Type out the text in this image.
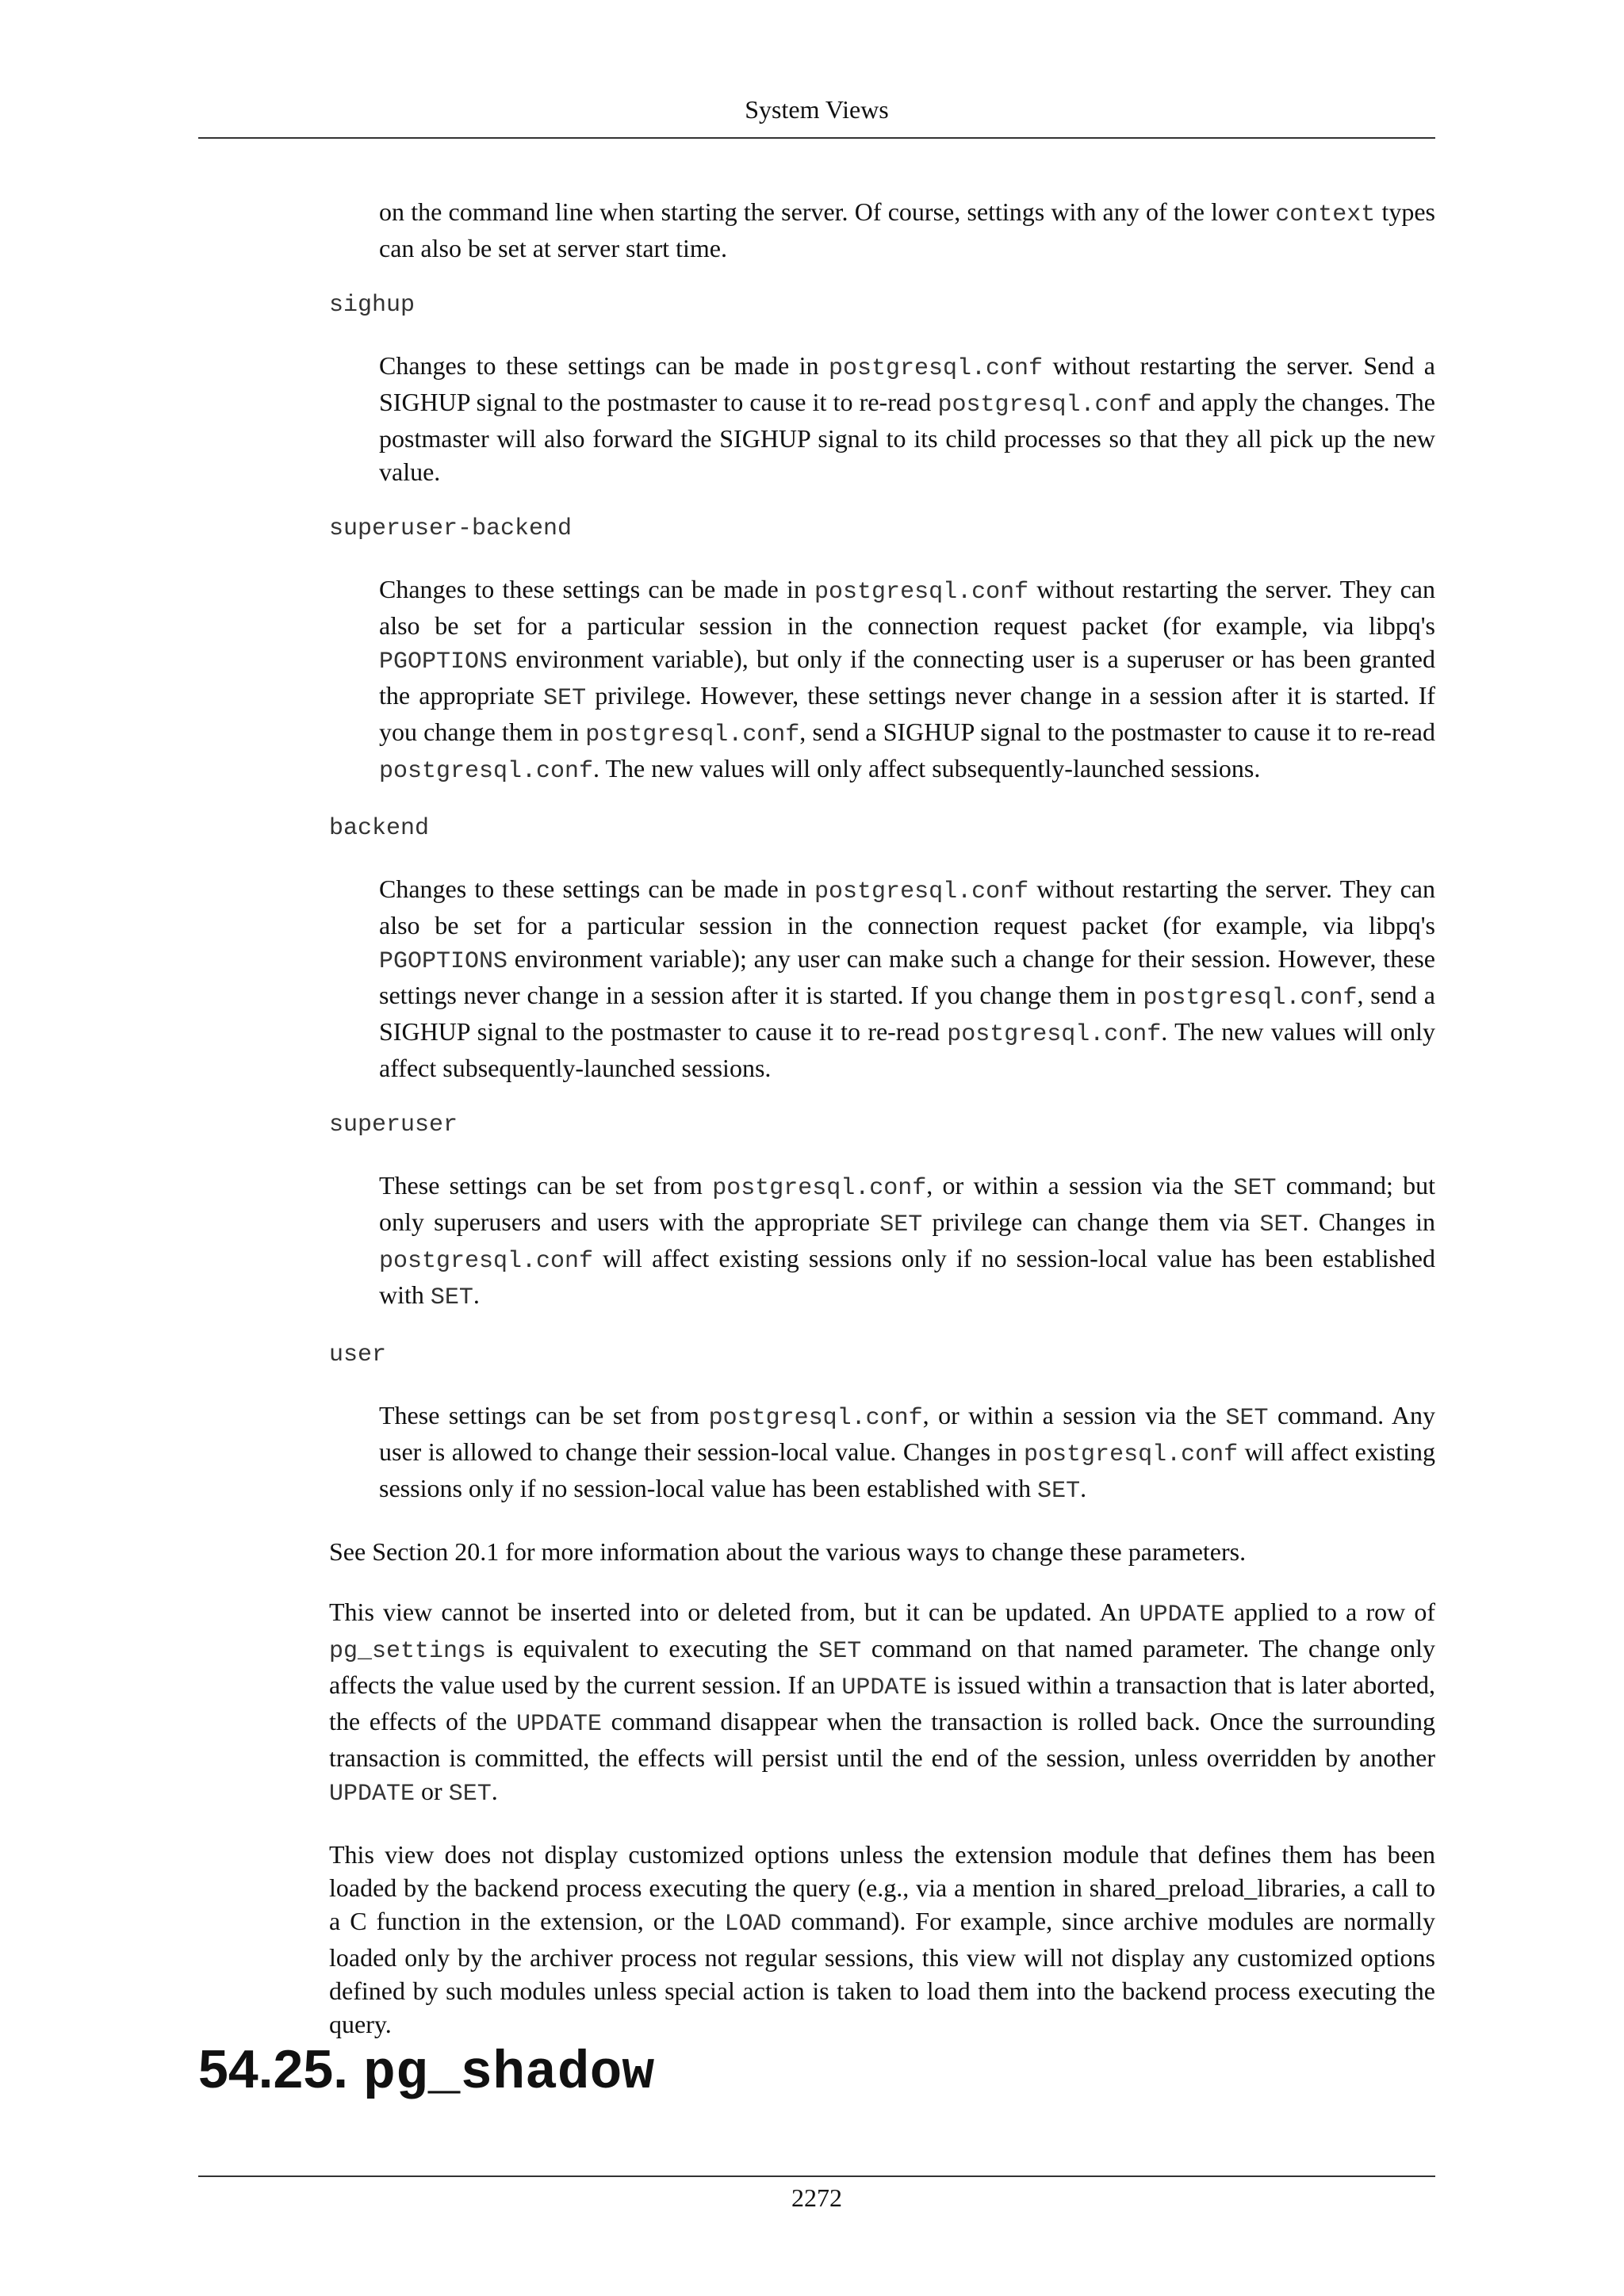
System Views

on the command line when starting the server. Of course, settings with any of the lower context types can also be set at server start time.

sighup

Changes to these settings can be made in postgresql.conf without restarting the server. Send a SIGHUP signal to the postmaster to cause it to re-read postgresql.conf and apply the changes. The postmaster will also forward the SIGHUP signal to its child processes so that they all pick up the new value.

superuser-backend

Changes to these settings can be made in postgresql.conf without restarting the server. They can also be set for a particular session in the connection request packet (for example, via libpq's PGOPTIONS environment variable), but only if the connecting user is a superuser or has been granted the appropriate SET privilege. However, these settings never change in a session after it is started. If you change them in postgresql.conf, send a SIGHUP signal to the postmaster to cause it to re-read postgresql.conf. The new values will only affect subsequently-launched sessions.

backend

Changes to these settings can be made in postgresql.conf without restarting the server. They can also be set for a particular session in the connection request packet (for example, via libpq's PGOPTIONS environment variable); any user can make such a change for their session. However, these settings never change in a session after it is started. If you change them in postgresql.conf, send a SIGHUP signal to the postmaster to cause it to re-read postgresql.conf. The new values will only affect subsequently-launched sessions.

superuser

These settings can be set from postgresql.conf, or within a session via the SET command; but only superusers and users with the appropriate SET privilege can change them via SET. Changes in postgresql.conf will affect existing sessions only if no session-local value has been established with SET.

user

These settings can be set from postgresql.conf, or within a session via the SET command. Any user is allowed to change their session-local value. Changes in postgresql.conf will affect existing sessions only if no session-local value has been established with SET.

See Section 20.1 for more information about the various ways to change these parameters.

This view cannot be inserted into or deleted from, but it can be updated. An UPDATE applied to a row of pg_settings is equivalent to executing the SET command on that named parameter. The change only affects the value used by the current session. If an UPDATE is issued within a transaction that is later aborted, the effects of the UPDATE command disappear when the transaction is rolled back. Once the surrounding transaction is committed, the effects will persist until the end of the session, unless overridden by another UPDATE or SET.

This view does not display customized options unless the extension module that defines them has been loaded by the backend process executing the query (e.g., via a mention in shared_preload_libraries, a call to a C function in the extension, or the LOAD command). For example, since archive modules are normally loaded only by the archiver process not regular sessions, this view will not display any customized options defined by such modules unless special action is taken to load them into the backend process executing the query.

54.25. pg_shadow
2272
